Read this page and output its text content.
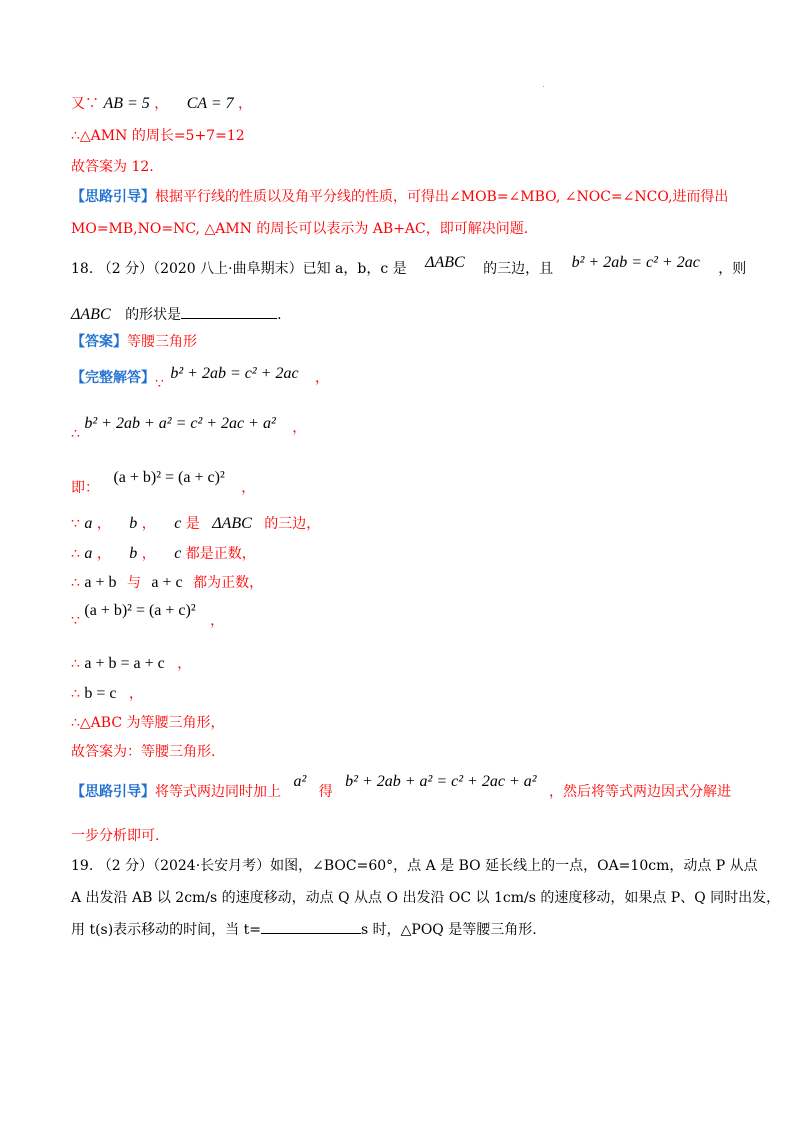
又∵ AB = 5 ， CA = 7 ，
∴△AMN 的周长=5+7=12
故答案为 12.
【思路引导】根据平行线的性质以及角平分线的性质，可得出∠MOB=∠MBO, ∠NOC=∠NCO,进而得出
MO=MB,NO=NC, △AMN 的周长可以表示为 AB+AC，即可解决问题.
18. （2 分）（2020 八上·曲阜期末）已知 a，b，c 是 ΔABC 的三边，且 b² + 2ab = c² + 2ac ，则
ΔABC 的形状是	.
【答案】等腰三角形
【完整解答】∵ b² + 2ab = c² + 2ac ，
∴ b² + 2ab + a² = c² + 2ac + a² ，
即： (a + b)² = (a + c)² ，
∵ a ， b ， c 是 ΔABC 的三边，
∴ a ， b ， c 都是正数，
∴ a + b 与 a + c 都为正数，
∵ (a + b)² = (a + c)² ，
∴ a + b = a + c ，
∴ b = c ，
∴△ABC 为等腰三角形，
故答案为：等腰三角形.
【思路引导】将等式两边同时加上 a² 得 b² + 2ab + a² = c² + 2ac + a² ，然后将等式两边因式分解进
一步分析即可.
19. （2 分）（2024·长安月考）如图，∠BOC=60°，点 A 是 BO 延长线上的一点，OA=10cm，动点 P 从点
A 出发沿 AB 以 2cm/s 的速度移动，动点 Q 从点 O 出发沿 OC 以 1cm/s 的速度移动，如果点 P、Q 同时出发，
用 t(s)表示移动的时间，当 t=	s 时，△POQ 是等腰三角形.
